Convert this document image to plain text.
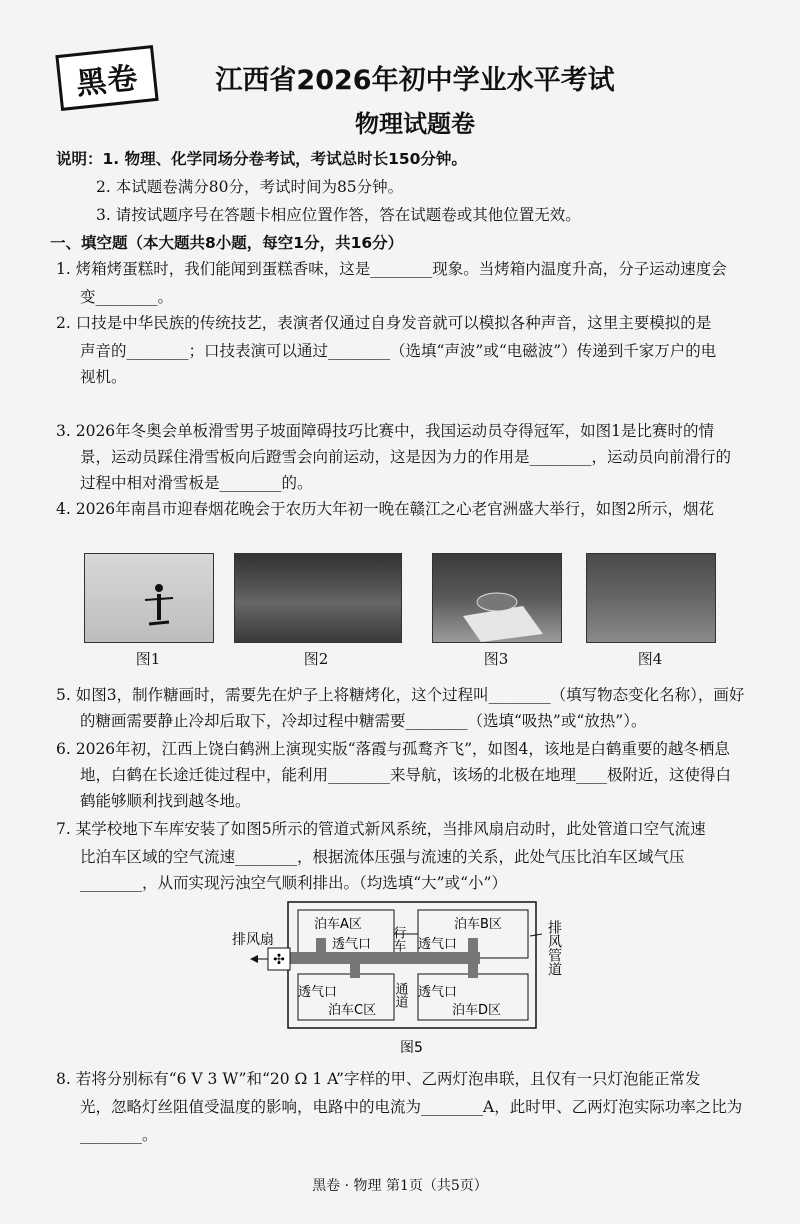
黑卷	江西省2026年初中学业水平考试
物理试题卷
说明：1. 物理、化学同场分卷考试，考试总时长150分钟。
2. 本试题卷满分80分，考试时间为85分钟。
3. 请按试题序号在答题卡相应位置作答，答在试题卷或其他位置无效。
一、填空题（本大题共8小题，每空1分，共16分）
1. 烤箱烤蛋糕时，我们能闻到蛋糕香味，这是________现象。当烤箱内温度升高，分子运动速度会
变________。
2. 口技是中华民族的传统技艺，表演者仅通过自身发音就可以模拟各种声音，这里主要模拟的是
声音的________；口技表演可以通过________（选填“声波”或“电磁波”）传递到千家万户的电
视机。
3. 2026年冬奥会单板滑雪男子坡面障碍技巧比赛中，我国运动员夺得冠军，如图1是比赛时的情
景，运动员踩住滑雪板向后蹬雪会向前运动，这是因为力的作用是________，运动员向前滑行的
过程中相对滑雪板是________的。
4. 2026年南昌市迎春烟花晚会于农历大年初一晚在赣江之心老官洲盛大举行，如图2所示，烟花
图1	图2	图3	图4
5. 如图3，制作糖画时，需要先在炉子上将糖烤化，这个过程叫________（填写物态变化名称），画好
的糖画需要静止冷却后取下，冷却过程中糖需要________（选填“吸热”或“放热”）。
6. 2026年初，江西上饶白鹤洲上演现实版“落霞与孤鹜齐飞”，如图4，该地是白鹤重要的越冬栖息
地，白鹤在长途迁徙过程中，能利用________来导航，该场的北极在地理____极附近，这使得白
鹤能够顺利找到越冬地。
7. 某学校地下车库安装了如图5所示的管道式新风系统，当排风扇启动时，此处管道口空气流速
比泊车区域的空气流速________，根据流体压强与流速的关系，此处气压比泊车区域气压
________，从而实现污浊空气顺利排出。（均选填“大”或“小”）
✣
排风扇
泊车A区
透气口 行车
泊车B区
透气口
透气口
泊车C区
通道 透气口
泊车D区
排风管道
图5
8. 若将分别标有“6 V 3 W”和“20 Ω 1 A”字样的甲、乙两灯泡串联，且仅有一只灯泡能正常发
光，忽略灯丝阻值受温度的影响，电路中的电流为________A，此时甲、乙两灯泡实际功率之比为
________。
黑卷 · 物理 第1页（共5页）
